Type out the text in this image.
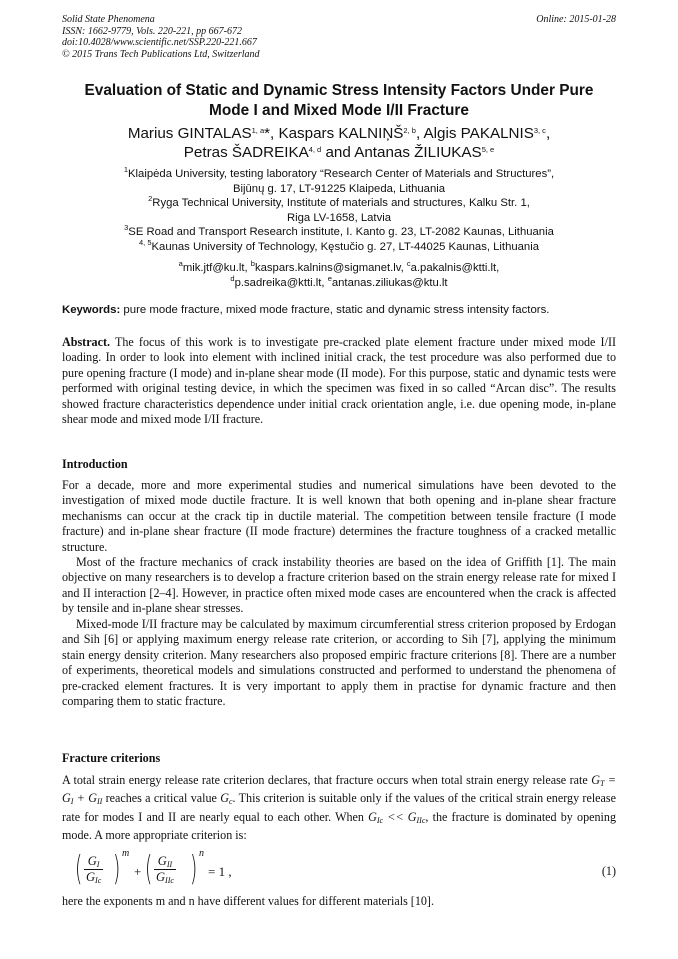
Solid State Phenomena
ISSN: 1662-9779, Vols. 220-221, pp 667-672
doi:10.4028/www.scientific.net/SSP.220-221.667
© 2015 Trans Tech Publications Ltd, Switzerland
Online: 2015-01-28
Evaluation of Static and Dynamic Stress Intensity Factors Under Pure
Mode I and Mixed Mode I/II Fracture
Marius GINTALAS$^{1, a}$*, Kaspars KALNIŅŠ$^{2, b}$, Algis PAKALNIS$^{3, c}$,
Petras ŠADREIKA$^{4, d}$ and Antanas ŽILIUKAS$^{5, e}$
$^1$Klaipėda University, testing laboratory “Research Center of Materials and Structures”,
Bijūnų g. 17, LT-91225 Klaipeda, Lithuania
$^2$Ryga Technical University, Institute of materials and structures, Kalku Str. 1,
Riga LV-1658, Latvia
$^3$SE Road and Transport Research institute, I. Kanto g. 23, LT-2082 Kaunas, Lithuania
$^{4, 5}$Kaunas University of Technology, Kęstučio g. 27, LT-44025 Kaunas, Lithuania
$^a$mik.jtf@ku.lt, $^b$kaspars.kalnins@sigmanet.lv, $^c$a.pakalnis@ktti.lt,
$^d$p.sadreika@ktti.lt, $^e$antanas.ziliukas@ktu.lt
Keywords: pure mode fracture, mixed mode fracture, static and dynamic stress intensity factors.
Abstract. The focus of this work is to investigate pre-cracked plate element fracture under mixed mode I/II loading. In order to look into element with inclined initial crack, the test procedure was also performed due to pure opening fracture (I mode) and in-plane shear mode (II mode). For this purpose, static and dynamic tests were performed with original testing device, in which the specimen was fixed in so called “Arcan disc”. The results showed fracture characteristics dependence under initial crack orientation angle, i.e. due opening mode, in-plane shear mode and mixed mode I/II fracture.
Introduction
For a decade, more and more experimental studies and numerical simulations have been devoted to the investigation of mixed mode ductile fracture. It is well known that both opening and in-plane shear fracture mechanisms can occur at the crack tip in ductile material. The competition between tensile fracture (I mode fracture) and in-plane shear fracture (II mode fracture) determines the fracture toughness of a cracked metallic structure.
Most of the fracture mechanics of crack instability theories are based on the idea of Griffith [1]. The main objective on many researchers is to develop a fracture criterion based on the strain energy release rate for mixed I and II interaction [2–4]. However, in practice often mixed mode cases are encountered when the crack is affected by tensile and in-plane shear stresses.
Mixed-mode I/II fracture may be calculated by maximum circumferential stress criterion proposed by Erdogan and Sih [6] or applying maximum energy release rate criterion, or according to Sih [7], applying the minimum stain energy density criterion. Many researchers also proposed empiric fracture criterions [8]. There are a number of experiments, theoretical models and simulations constructed and performed to understand the phenomena of pre-cracked element fractures. It is very important to apply them in practise for dynamic fracture and then comparing them to static fracture.
Fracture criterions
A total strain energy release rate criterion declares, that fracture occurs when total strain energy release rate $G_T = G_I + G_{II}$ reaches a critical value $G_c$. This criterion is suitable only if the values of the critical strain energy release rate for modes I and II are nearly equal to each other. When $G_{Ic} << G_{IIc}$, the fracture is dominated by opening mode. A more appropriate criterion is:
( $G_I$
$G_{Ic}$ ) m
+ ( $G_{II}$
$G_{IIc}$ ) n
= 1 ,	(1)
here the exponents m and n have different values for different materials [10].
